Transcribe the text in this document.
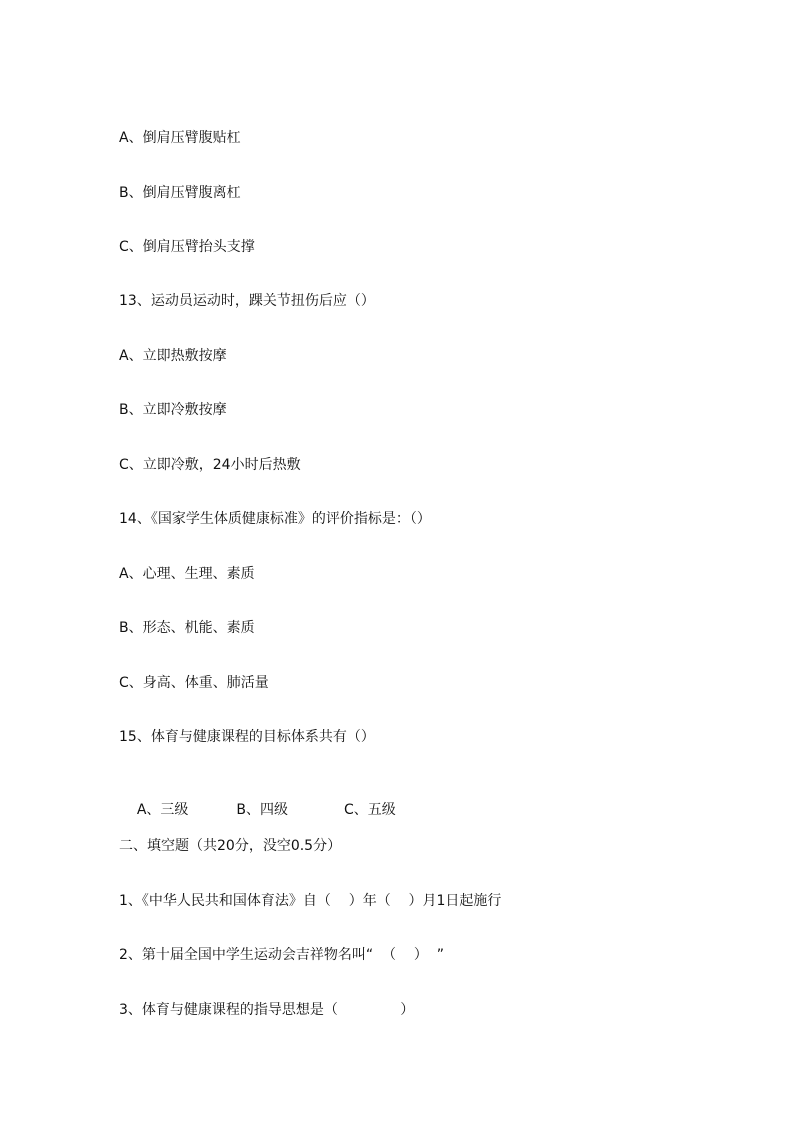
A、倒肩压臂腹贴杠
B、倒肩压臂腹离杠
C、倒肩压臂抬头支撑
13、运动员运动时，踝关节扭伤后应（）
A、立即热敷按摩
B、立即冷敷按摩
C、立即冷敷，24小时后热敷
14、《国家学生体质健康标准》的评价指标是：（）
A、心理、生理、素质
B、形态、机能、素质
C、身高、体重、肺活量
15、体育与健康课程的目标体系共有（）

A、三级	B、四级	C、五级

二、填空题（共20分，没空0.5分）
1、《中华人民共和国体育法》自（    ）年（    ）月1日起施行
2、第十届全国中学生运动会吉祥物名叫“  （    ）  ”
3、体育与健康课程的指导思想是（              ）
